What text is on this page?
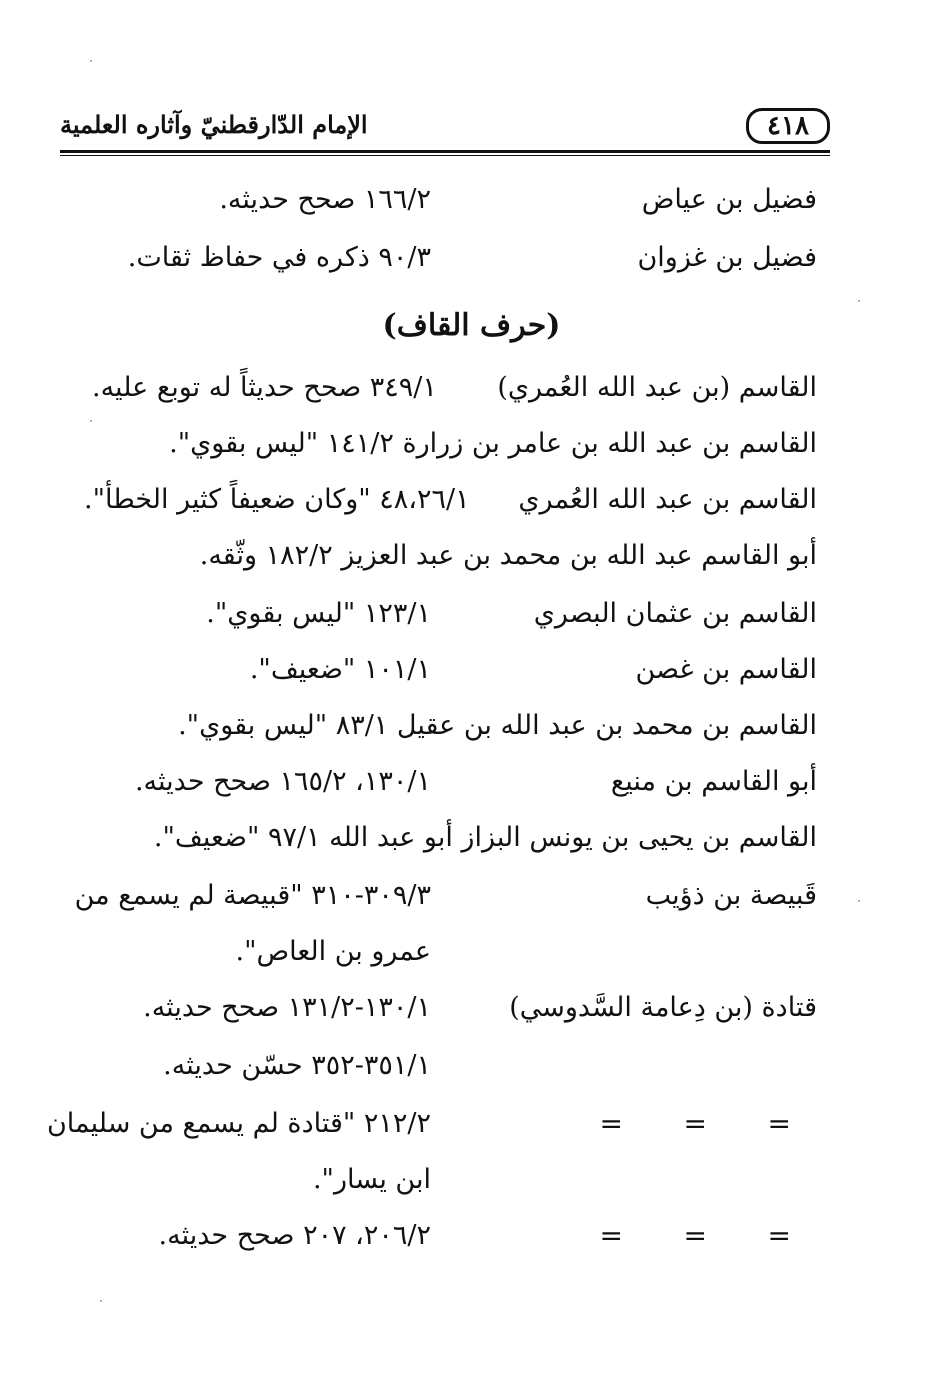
٤١٨
الإمام الدّارقطنيّ وآثاره العلمية
فضيل بن عياض
١٦٦/٢ صحح حديثه.
فضيل بن غزوان
٩٠/٣ ذكره في حفاظ ثقات.
(حرف القاف)
القاسم (بن عبد الله العُمري)
٣٤٩/١ صحح حديثاً له توبع عليه.
القاسم بن عبد الله بن عامر بن زرارة ١٤١/٢ "ليس بقوي".
القاسم بن عبد الله العُمري
٤٨،٢٦/١ "وكان ضعيفاً كثير الخطأ".
أبو القاسم عبد الله بن محمد بن عبد العزيز ١٨٢/٢ وثّقه.
القاسم بن عثمان البصري
١٢٣/١ "ليس بقوي".
القاسم بن غصن
١٠١/١ "ضعيف".
القاسم بن محمد بن عبد الله بن عقيل ٨٣/١ "ليس بقوي".
أبو القاسم بن منيع
١٣٠/١، ١٦٥/٢ صحح حديثه.
القاسم بن يحيى بن يونس البزاز أبو عبد الله ٩٧/١ "ضعيف".
قَبيصة بن ذؤيب
٣٠٩/٣-٣١٠ "قبيصة لم يسمع من
عمرو بن العاص".
قتادة (بن دِعامة السَّدوسي)
١٣٠/١-١٣١/٢ صحح حديثه.
٣٥١/١-٣٥٢ حسّن حديثه.
=
=
=
٢١٢/٢ "قتادة لم يسمع من سليمان
ابن يسار".
=
=
=
٢٠٦/٢، ٢٠٧ صحح حديثه.
